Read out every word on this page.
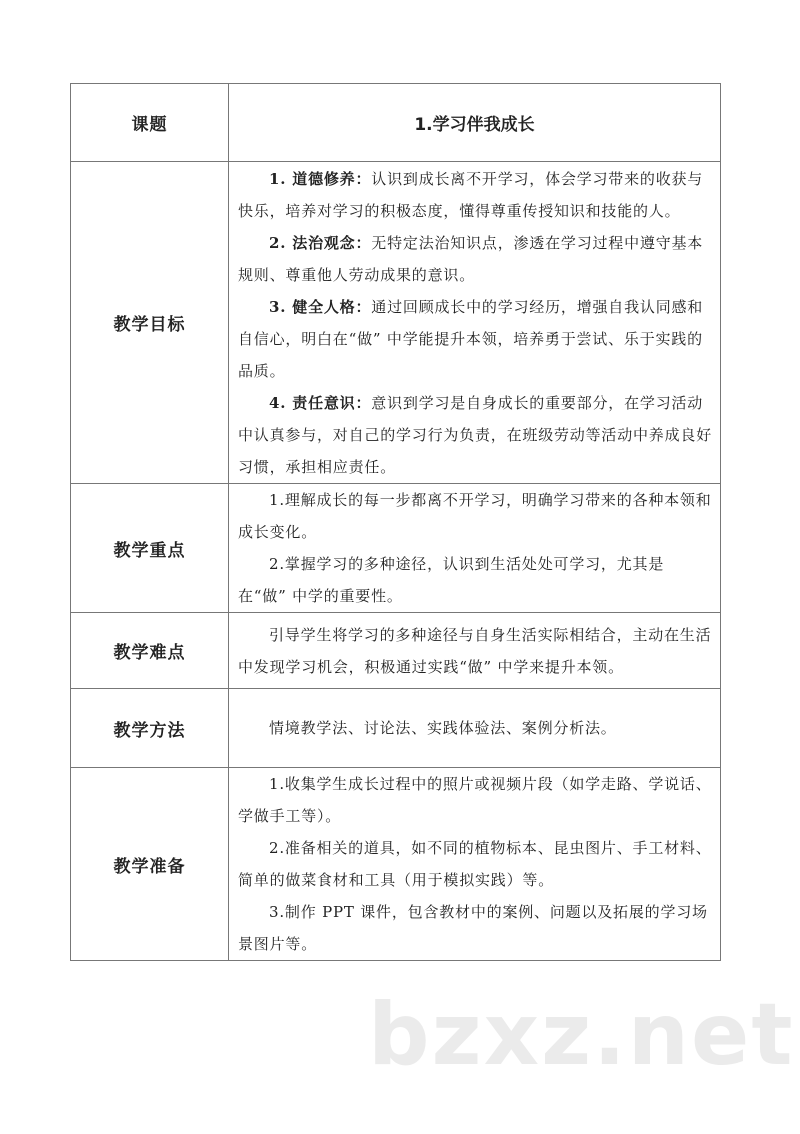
课题	1.学习伴我成长
教学目标	1. 道德修养：认识到成长离不开学习，体会学习带来的收获与快乐，培养对学习的积极态度，懂得尊重传授知识和技能的人。

2. 法治观念：无特定法治知识点，渗透在学习过程中遵守基本规则、尊重他人劳动成果的意识。

3. 健全人格：通过回顾成长中的学习经历，增强自我认同感和自信心，明白在“做” 中学能提升本领，培养勇于尝试、乐于实践的品质。

4. 责任意识：意识到学习是自身成长的重要部分，在学习活动中认真参与，对自己的学习行为负责，在班级劳动等活动中养成良好习惯，承担相应责任。

教学重点	1.理解成长的每一步都离不开学习，明确学习带来的各种本领和成长变化。

2.掌握学习的多种途径，认识到生活处处可学习，尤其是在“做” 中学的重要性。

教学难点	引导学生将学习的多种途径与自身生活实际相结合，主动在生活中发现学习机会，积极通过实践“做” 中学来提升本领。

教学方法	情境教学法、讨论法、实践体验法、案例分析法。

教学准备	1.收集学生成长过程中的照片或视频片段（如学走路、学说话、学做手工等）。

2.准备相关的道具，如不同的植物标本、昆虫图片、手工材料、简单的做菜食材和工具（用于模拟实践）等。

3.制作 PPT 课件，包含教材中的案例、问题以及拓展的学习场景图片等。

bzxz.net
